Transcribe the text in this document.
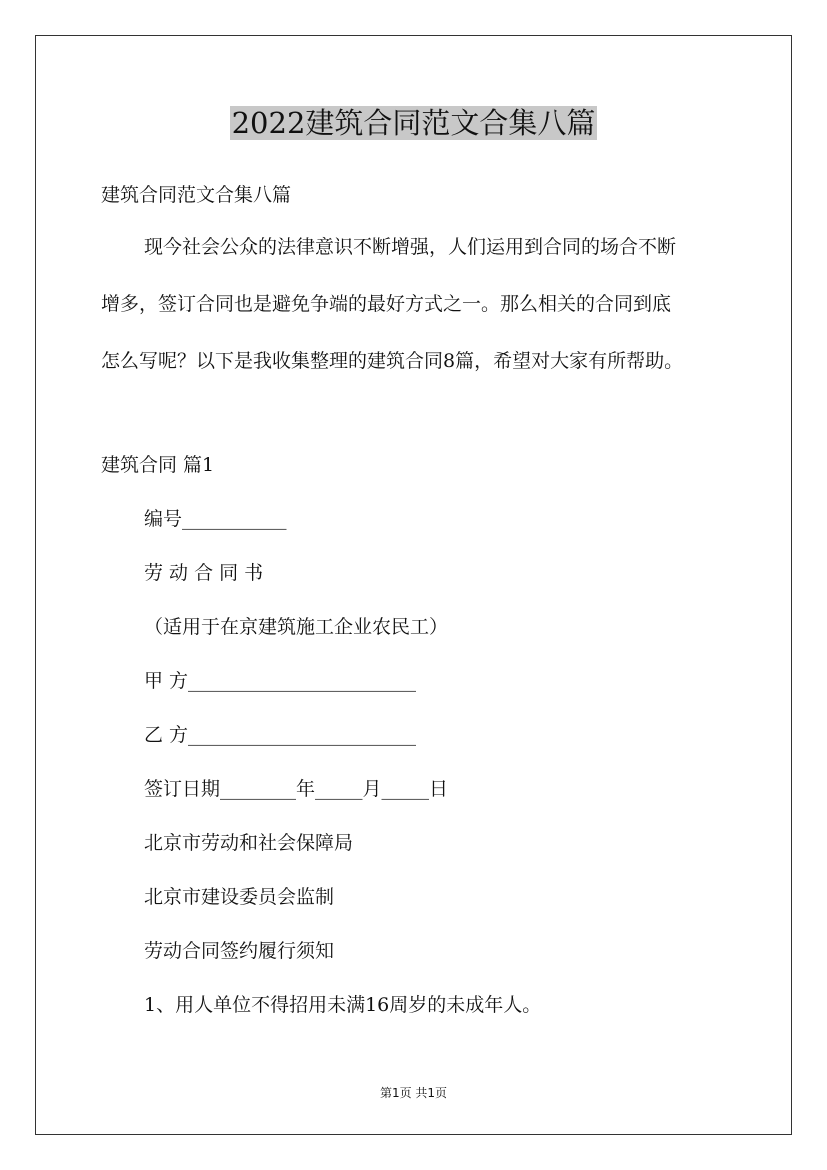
2022建筑合同范文合集八篇
建筑合同范文合集八篇
现今社会公众的法律意识不断增强，人们运用到合同的场合不断
增多，签订合同也是避免争端的最好方式之一。那么相关的合同到底
怎么写呢？以下是我收集整理的建筑合同8篇，希望对大家有所帮助。
建筑合同 篇1
编号___________
劳 动 合 同 书
（适用于在京建筑施工企业农民工）
甲 方________________________
乙 方________________________
签订日期________年_____月_____日
北京市劳动和社会保障局
北京市建设委员会监制
劳动合同签约履行须知
1、用人单位不得招用未满16周岁的未成年人。
第1页 共1页
